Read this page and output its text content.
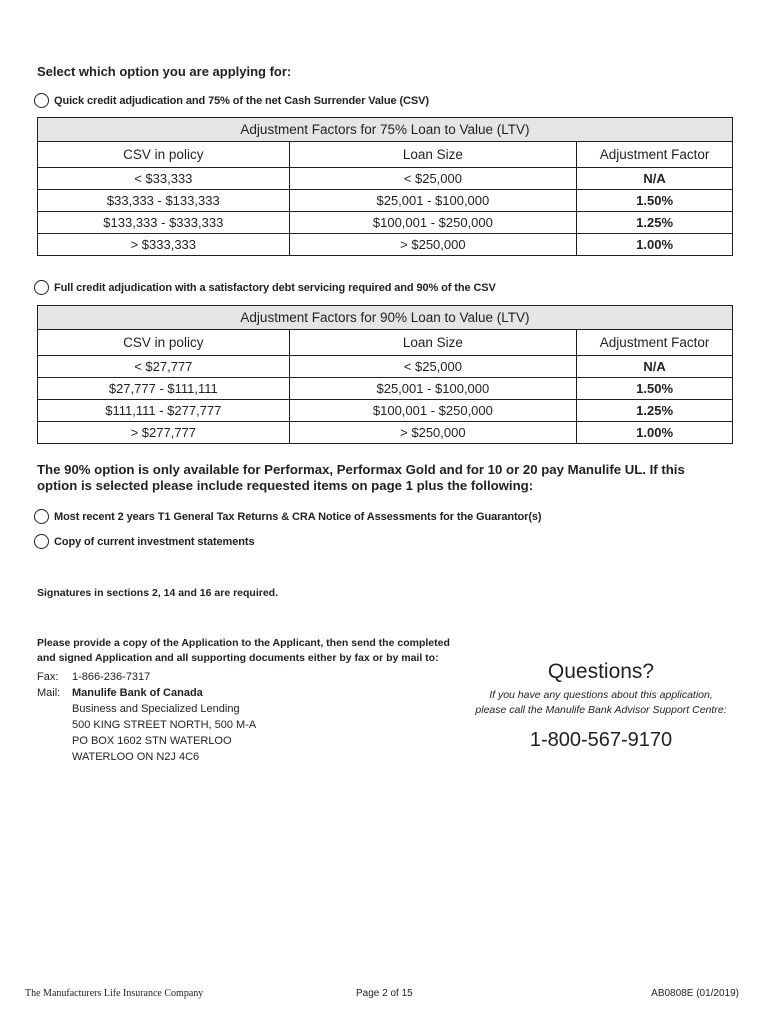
Select which option you are applying for:
Quick credit adjudication and 75% of the net Cash Surrender Value (CSV)
Adjustment Factors for 75% Loan to Value (LTV)		
CSV in policy	Loan Size	Adjustment Factor
< $33,333	< $25,000	N/A
$33,333 - $133,333	$25,001 - $100,000	1.50%
$133,333 - $333,333	$100,001 - $250,000	1.25%
> $333,333	> $250,000	1.00%
Full credit adjudication with a satisfactory debt servicing required and 90% of the CSV
Adjustment Factors for 90% Loan to Value (LTV)		
CSV in policy	Loan Size	Adjustment Factor
< $27,777	< $25,000	N/A
$27,777 - $111,111	$25,001 - $100,000	1.50%
$111,111 - $277,777	$100,001 - $250,000	1.25%
> $277,777	> $250,000	1.00%
The 90% option is only available for Performax, Performax Gold and for 10 or 20 pay Manulife UL. If this
option is selected please include requested items on page 1 plus the following:
Most recent 2 years T1 General Tax Returns & CRA Notice of Assessments for the Guarantor(s)
Copy of current investment statements
Signatures in sections 2, 14 and 16 are required.
Please provide a copy of the Application to the Applicant, then send the completed
and signed Application and all supporting documents either by fax or by mail to:
Fax:	1-866-236-7317
Mail:	Manulife Bank of Canada
Business and Specialized Lending
500 KING STREET NORTH, 500 M-A
PO BOX 1602 STN WATERLOO
WATERLOO ON N2J 4C6
Questions?
If you have any questions about this application,
please call the Manulife Bank Advisor Support Centre:
1-800-567-9170
The Manufacturers Life Insurance Company	Page 2 of 15	AB0808E (01/2019)
